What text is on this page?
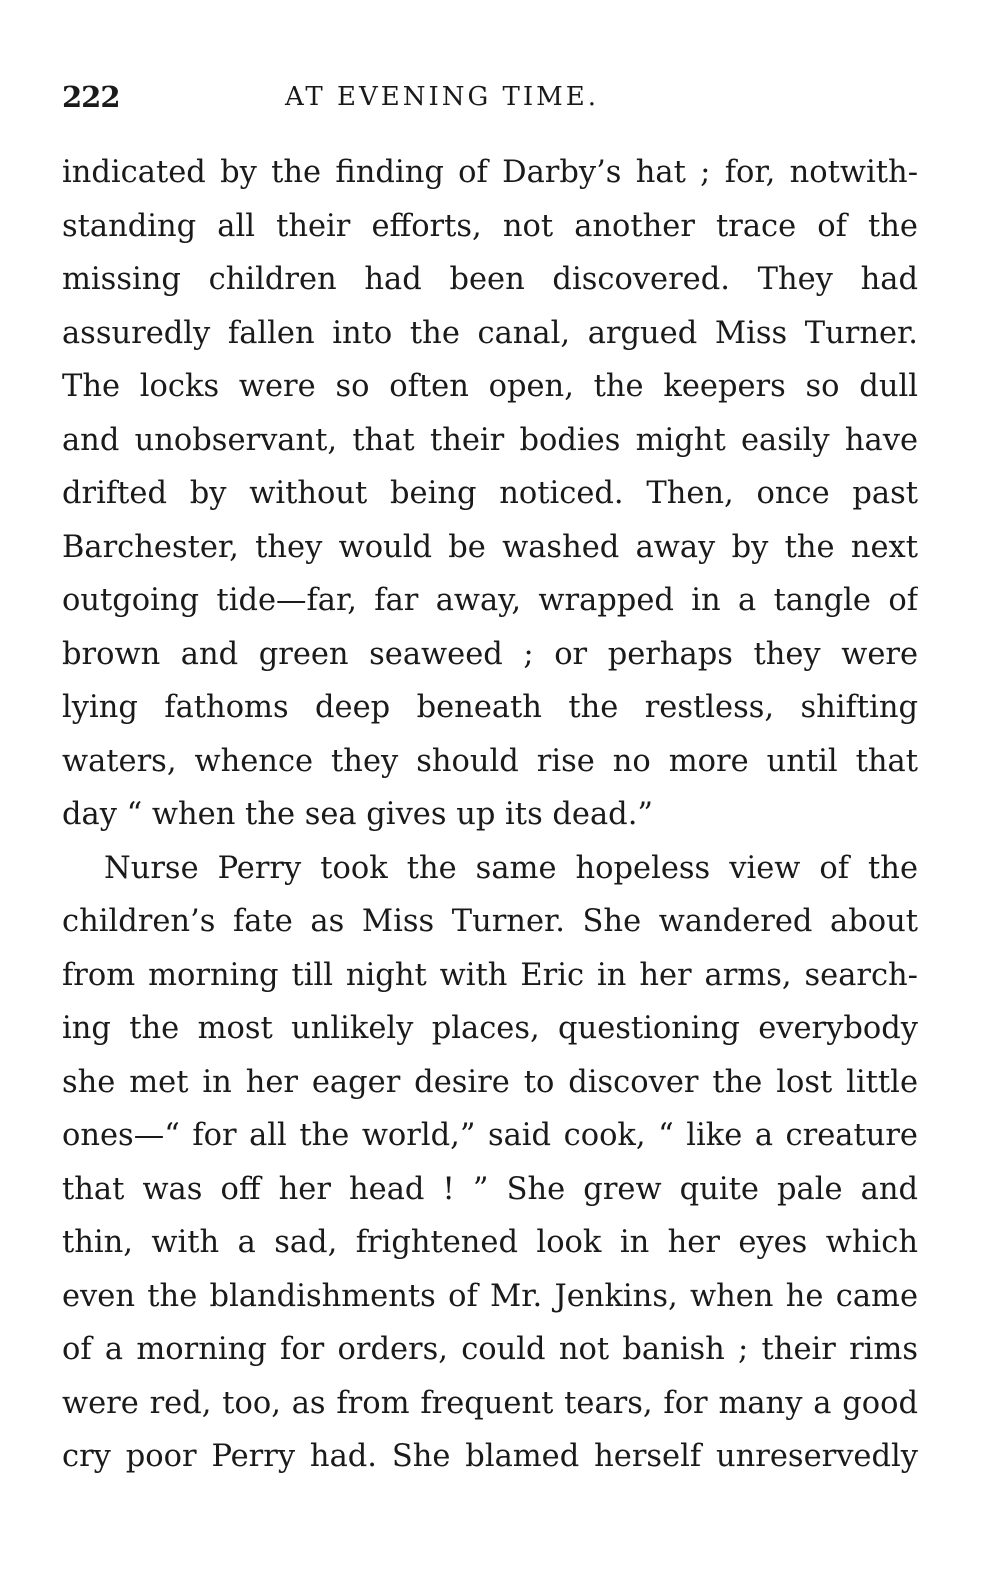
222	AT EVENING TIME.
indicated by the finding of Darby’s hat ; for, notwith-
standing all their efforts, not another trace of the
missing children had been discovered. They had
assuredly fallen into the canal, argued Miss Turner.
The locks were so often open, the keepers so dull
and unobservant, that their bodies might easily have
drifted by without being noticed. Then, once past
Barchester, they would be washed away by the next
outgoing tide—far, far away, wrapped in a tangle of
brown and green seaweed ; or perhaps they were
lying fathoms deep beneath the restless, shifting
waters, whence they should rise no more until that
day “ when the sea gives up its dead.”
Nurse Perry took the same hopeless view of the
children’s fate as Miss Turner. She wandered about
from morning till night with Eric in her arms, search-
ing the most unlikely places, questioning everybody
she met in her eager desire to discover the lost little
ones—“ for all the world,” said cook, “ like a creature
that was off her head ! ” She grew quite pale and
thin, with a sad, frightened look in her eyes which
even the blandishments of Mr. Jenkins, when he came
of a morning for orders, could not banish ; their rims
were red, too, as from frequent tears, for many a good
cry poor Perry had. She blamed herself unreservedly
